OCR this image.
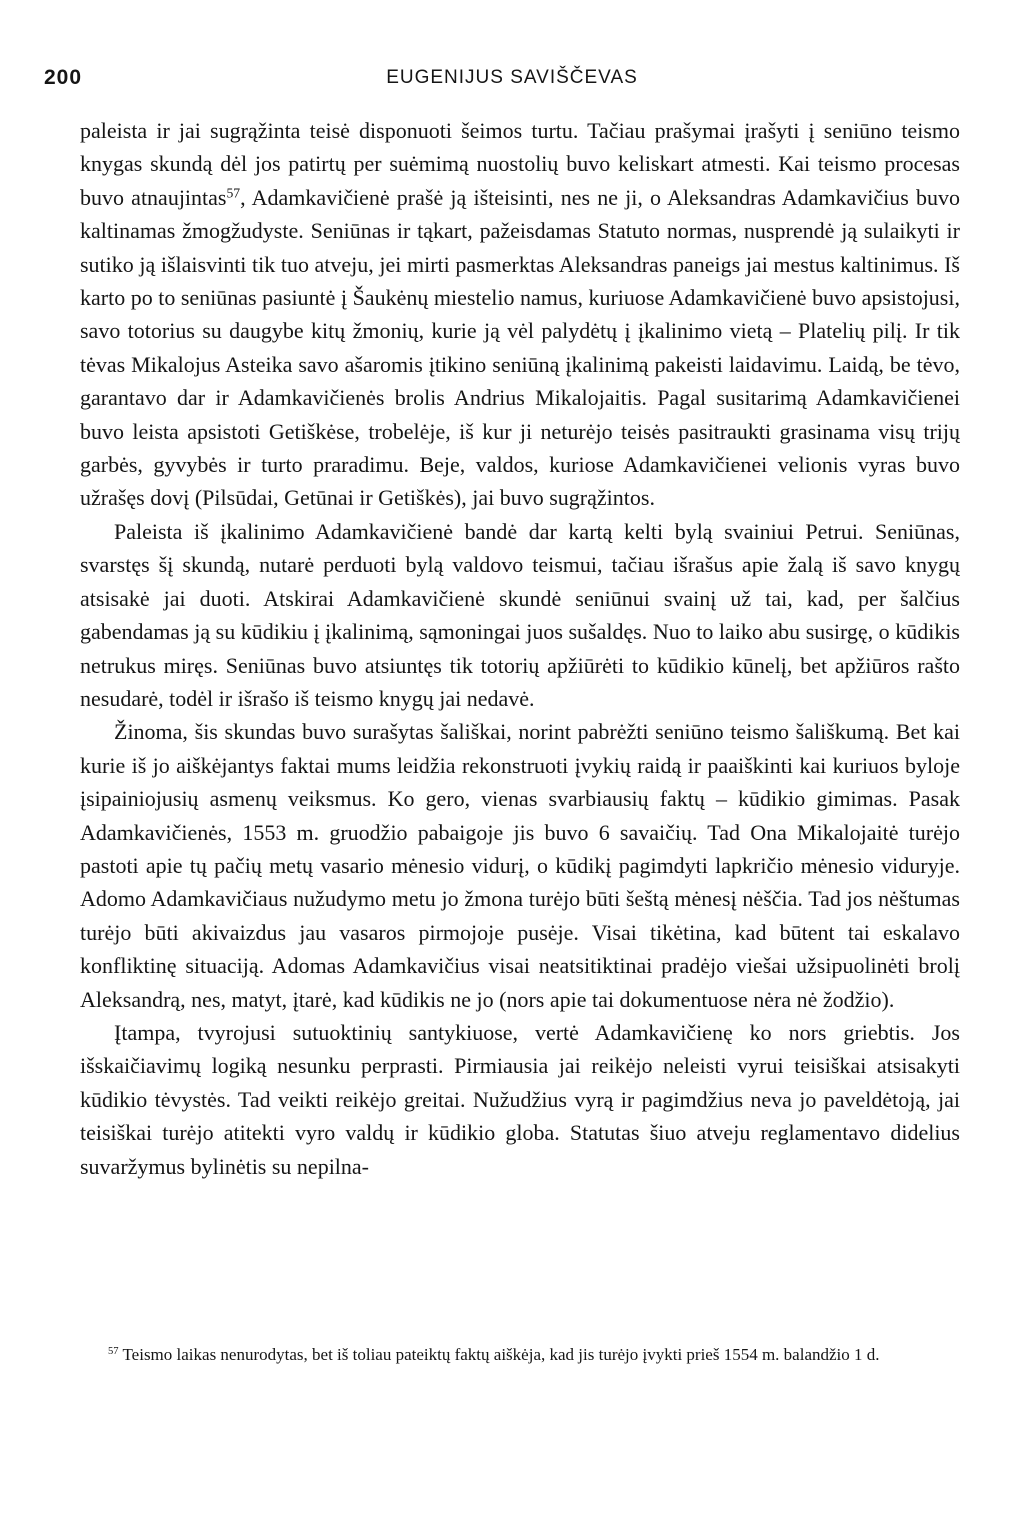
200	EUGENIJUS SAVIŠČEVAS

paleista ir jai sugrąžinta teisė disponuoti šeimos turtu. Tačiau prašymai įrašyti į seniūno teismo knygas skundą dėl jos patirtų per suėmimą nuostolių buvo keliskart atmesti. Kai teismo procesas buvo atnaujintas$^{57}$, Adamkavičienė prašė ją išteisinti, nes ne ji, o Aleksandras Adamkavičius buvo kaltinamas žmogžudyste. Seniūnas ir tąkart, pažeisdamas Statuto normas, nusprendė ją sulaikyti ir sutiko ją išlaisvinti tik tuo atveju, jei mirti pasmerktas Aleksandras paneigs jai mestus kaltinimus. Iš karto po to seniūnas pasiuntė į Šaukėnų miestelio namus, kuriuose Adamkavičienė buvo apsistojusi, savo totorius su daugybe kitų žmonių, kurie ją vėl palydėtų į įkalinimo vietą – Platelių pilį. Ir tik tėvas Mikalojus Asteika savo ašaromis įtikino seniūną įkalinimą pakeisti laidavimu. Laidą, be tėvo, garantavo dar ir Adamkavičienės brolis Andrius Mikalojaitis. Pagal susitarimą Adamkavičienei buvo leista apsistoti Getiškėse, trobelėje, iš kur ji neturėjo teisės pasitraukti grasinama visų trijų garbės, gyvybės ir turto praradimu. Beje, valdos, kuriose Adamkavičienei velionis vyras buvo užrašęs dovį (Pilsūdai, Getūnai ir Getiškės), jai buvo sugrąžintos.

Paleista iš įkalinimo Adamkavičienė bandė dar kartą kelti bylą svainiui Petrui. Seniūnas, svarstęs šį skundą, nutarė perduoti bylą valdovo teismui, tačiau išrašus apie žalą iš savo knygų atsisakė jai duoti. Atskirai Adamkavičienė skundė seniūnui svainį už tai, kad, per šalčius gabendamas ją su kūdikiu į įkalinimą, sąmoningai juos sušaldęs. Nuo to laiko abu susirgę, o kūdikis netrukus miręs. Seniūnas buvo atsiuntęs tik totorių apžiūrėti to kūdikio kūnelį, bet apžiūros rašto nesudarė, todėl ir išrašo iš teismo knygų jai nedavė.

Žinoma, šis skundas buvo surašytas šališkai, norint pabrėžti seniūno teismo šališkumą. Bet kai kurie iš jo aiškėjantys faktai mums leidžia rekonstruoti įvykių raidą ir paaiškinti kai kuriuos byloje įsipainiojusių asmenų veiksmus. Ko gero, vienas svarbiausių faktų – kūdikio gimimas. Pasak Adamkavičienės, 1553 m. gruodžio pabaigoje jis buvo 6 savaičių. Tad Ona Mikalojaitė turėjo pastoti apie tų pačių metų vasario mėnesio vidurį, o kūdikį pagimdyti lapkričio mėnesio viduryje. Adomo Adamkavičiaus nužudymo metu jo žmona turėjo būti šeštą mėnesį nėščia. Tad jos nėštumas turėjo būti akivaizdus jau vasaros pirmojoje pusėje. Visai tikėtina, kad būtent tai eskalavo konfliktinę situaciją. Adomas Adamkavičius visai neatsitiktinai pradėjo viešai užsipuolinėti brolį Aleksandrą, nes, matyt, įtarė, kad kūdikis ne jo (nors apie tai dokumentuose nėra nė žodžio).

Įtampa, tvyrojusi sutuoktinių santykiuose, vertė Adamkavičienę ko nors griebtis. Jos išskaičiavimų logiką nesunku perprasti. Pirmiausia jai reikėjo neleisti vyrui teisiškai atsisakyti kūdikio tėvystės. Tad veikti reikėjo greitai. Nužudžius vyrą ir pagimdžius neva jo paveldėtoją, jai teisiškai turėjo atitekti vyro valdų ir kūdikio globa. Statutas šiuo atveju reglamentavo didelius suvaržymus bylinėtis su nepilna-

$^{57}$ Teismo laikas nenurodytas, bet iš toliau pateiktų faktų aiškėja, kad jis turėjo įvykti prieš 1554 m. balandžio 1 d.
